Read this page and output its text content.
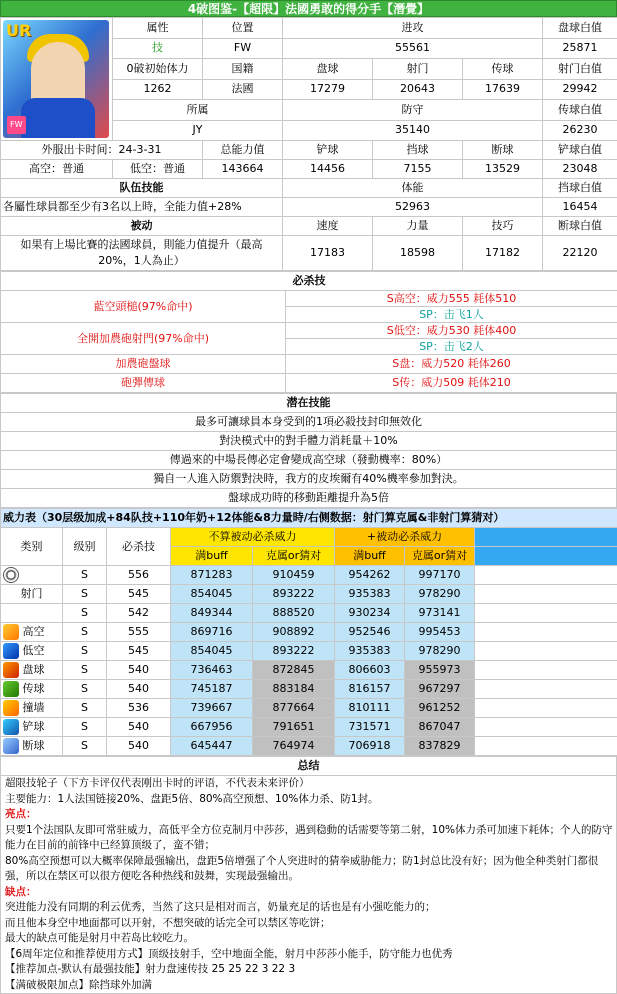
4破图鉴-【超限】法國勇敢的得分手【潛覺】
UR
FW	属性	位置	进攻			盘球白值
	技	FW	55561			25871
	0破初始体力	国籍	盘球	射门	传球	射门白值
	1262	法國	17279	20643	17639	29942
	所属		防守			传球白值
	JY		35140			26230
外服出卡时间：24-3-31		总能力值	铲球	挡球	断球	铲球白值
高空：普通	低空：普通	143664	14456	7155	13529	23048
队伍技能			体能			挡球白值
各屬性球員都至少有3名以上時，全能力值+28%			52963			16454
被动			速度	力量	技巧	断球白值
如果有上場比賽的法國球員，則能力值提升（最高20%，1人為止）			17183	18598	17182	22120
必杀技	
藍空頭槌(97%命中)	S高空：威力555 耗体510
	SP：击飞1人
全開加農砲射門(97%命中)	S低空：威力530 耗体400
	SP：击飞2人
加農砲盤球	S盘：威力520 耗体260
砲彈傳球	S传：威力509 耗体210
潜在技能
最多可讓球員本身受到的1項必殺技封印無效化
對決模式中的對手體力消耗量＋10%
傳過來的中場長傳必定會變成高空球（發動機率：80%）
獨自一人進入防禦對決時，我方的皮埃爾有40%機率參加對決。
盤球成功時的移動距離提升為5倍
威力表（30层级加成+84队技+110年奶+12体能&8力量時/右侧数据：射门算克属&非射门算猜对）							
类别	级别	必杀技	不算被动必杀威力		+被动必杀威力		
			满buff	克属or猜对	满buff	克属or猜对	
	S	556	871283	910459	954262	997170	
射门	S	545	854045	893222	935383	978290	
	S	542	849344	888520	930234	973141	
高空	S	555	869716	908892	952546	995453	
低空	S	545	854045	893222	935383	978290	
盘球	S	540	736463	872845	806603	955973	
传球	S	540	745187	883184	816157	967297	
撞墙	S	536	739667	877664	810111	961252	
铲球	S	540	667956	791651	731571	867047	
断球	S	540	645447	764974	706918	837829	
总结

超限技轮子（下方卡评仅代表刚出卡时的评语，不代表未来评价）
主要能力：1人法国链接20%、盘距5倍、80%高空预想、10%体力杀、防1封。
亮点：
只要1个法国队友即可常驻威力，高低平全方位克制月中莎莎，遇到稳動的话需要等第二射，10%体力杀可加速下耗体；个人的防守能力在目前的前锋中已经算顶级了，蛮不错；
80%高空预想可以大概率保障最强输出，盘距5倍增强了个人突进时的猜拳威胁能力；防1封总比没有好；因为他全种类射门都很强，所以在禁区可以很方便吃各种热线和鼓舞，实现最强输出。
缺点：
突进能力没有同期的利云优秀，当然了这只是相对而言，奶量充足的话也是有小强吃能力的；
而且他本身空中地面都可以开射，不想突破的话完全可以禁区等吃饼；
最大的缺点可能是射月中若岛比较吃力。
【6周年定位和推荐使用方式】顶级技射手，空中地面全能，射月中莎莎小能手，防守能力也优秀
【推荐加点-默认有最强技能】射力盘速传技 25 25 22 3 22 3
【满破极限加点】除挡球外加满
